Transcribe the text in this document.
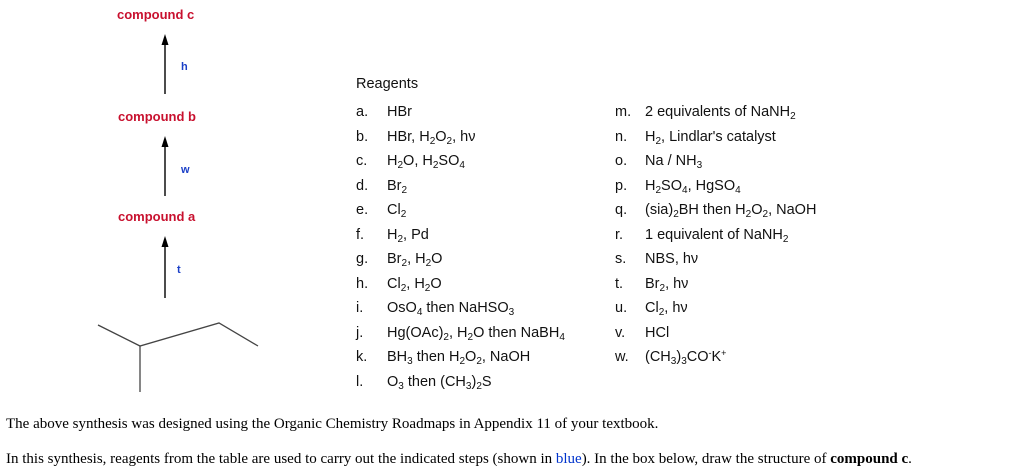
compound c
compound b
compound a
h
w
t
Reagents
a. HBr
b. HBr, $H_2O_2$, hν
c. $H_2O$, $H_2SO_4$
d. $Br_2$
e. $Cl_2$
f. $H_2$, Pd
g. $Br_2$, $H_2O$
h. $Cl_2$, $H_2O$
i. OsO$_4$ then NaHSO$_3$
j. $Hg(OAc)_2$, $H_2O$ then NaBH$_4$
k. $BH_3$ then $H_2O_2$, NaOH
l. $O_3$ then $(CH_3)_2S$
m. 2 equivalents of NaNH$_2$
n. $H_2$, Lindlar's catalyst
o. Na / $NH_3$
p. $H_2SO_4$, HgSO$_4$
q. $(sia)_2BH$ then $H_2O_2$, NaOH
r. 1 equivalent of NaNH$_2$
s. NBS, hν
t. $Br_2$, hν
u. $Cl_2$, hν
v. HCl
w. $(CH_3)_3CO^-K^+$
The above synthesis was designed using the Organic Chemistry Roadmaps in Appendix 11 of your textbook.
In this synthesis, reagents from the table are used to carry out the indicated steps (shown in blue). In the box below, draw the structure of compound c.
